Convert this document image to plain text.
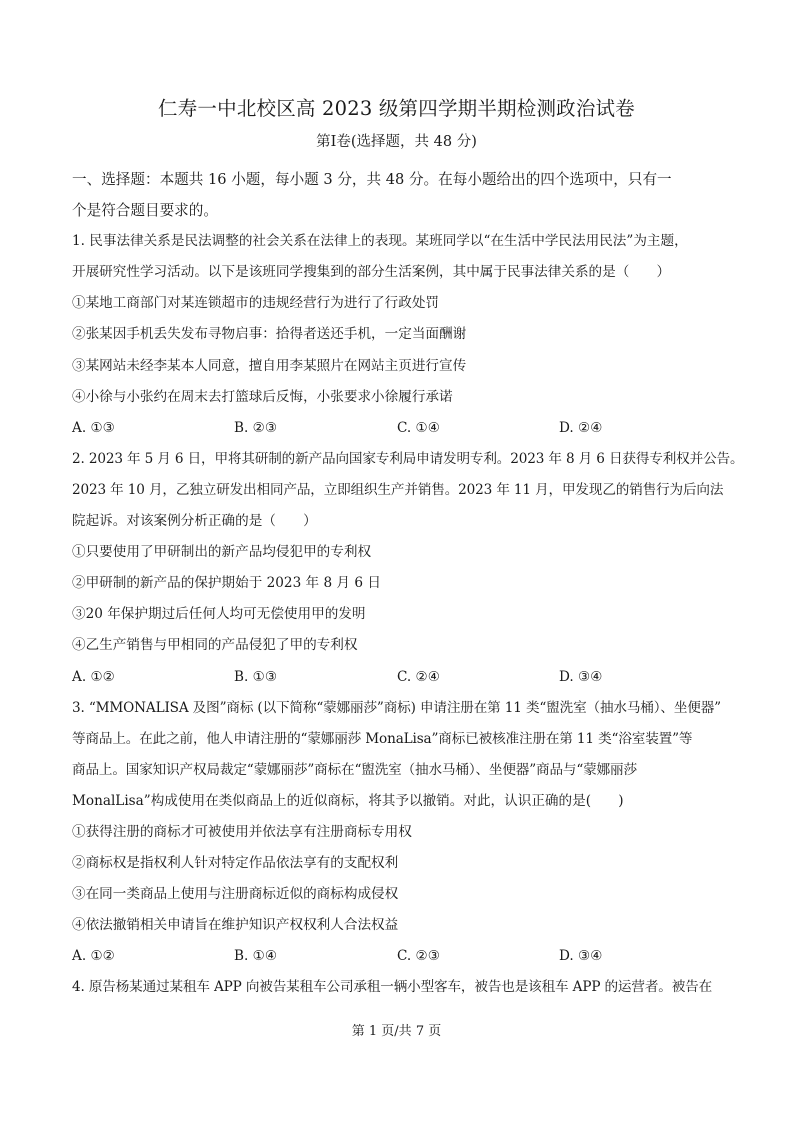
仁寿一中北校区高 2023 级第四学期半期检测政治试卷
第Ⅰ卷(选择题，共 48 分)
一、选择题：本题共 16 小题，每小题 3 分，共 48 分。在每小题给出的四个选项中，只有一
个是符合题目要求的。
1. 民事法律关系是民法调整的社会关系在法律上的表现。某班同学以“在生活中学民法用民法”为主题，
开展研究性学习活动。以下是该班同学搜集到的部分生活案例，其中属于民事法律关系的是（　　）
①某地工商部门对某连锁超市的违规经营行为进行了行政处罚
②张某因手机丢失发布寻物启事：拾得者送还手机，一定当面酬谢
③某网站未经李某本人同意，擅自用李某照片在网站主页进行宣传
④小徐与小张约在周末去打篮球后反悔，小张要求小徐履行承诺
A. ①③	B. ②③	C. ①④	D. ②④
2. 2023 年 5 月 6 日，甲将其研制的新产品向国家专利局申请发明专利。2023 年 8 月 6 日获得专利权并公告。
2023 年 10 月，乙独立研发出相同产品，立即组织生产并销售。2023 年 11 月，甲发现乙的销售行为后向法
院起诉。对该案例分析正确的是（　　）
①只要使用了甲研制出的新产品均侵犯甲的专利权
②甲研制的新产品的保护期始于 2023 年 8 月 6 日
③20 年保护期过后任何人均可无偿使用甲的发明
④乙生产销售与甲相同的产品侵犯了甲的专利权
A. ①②	B. ①③	C. ②④	D. ③④
3. “MMONALISA 及图”商标 (以下简称“蒙娜丽莎”商标) 申请注册在第 11 类“盥洗室（抽水马桶）、坐便器”
等商品上。在此之前，他人申请注册的“蒙娜丽莎 MonaLisa”商标已被核准注册在第 11 类“浴室装置”等
商品上。国家知识产权局裁定“蒙娜丽莎”商标在“盥洗室（抽水马桶）、坐便器”商品与“蒙娜丽莎
MonalLisa”构成使用在类似商品上的近似商标，将其予以撤销。对此，认识正确的是(　　)
①获得注册的商标才可被使用并依法享有注册商标专用权
②商标权是指权利人针对特定作品依法享有的支配权利
③在同一类商品上使用与注册商标近似的商标构成侵权
④依法撤销相关申请旨在维护知识产权权利人合法权益
A. ①②	B. ①④	C. ②③	D. ③④
4. 原告杨某通过某租车 APP 向被告某租车公司承租一辆小型客车，被告也是该租车 APP 的运营者。被告在
第 1 页/共 7 页
